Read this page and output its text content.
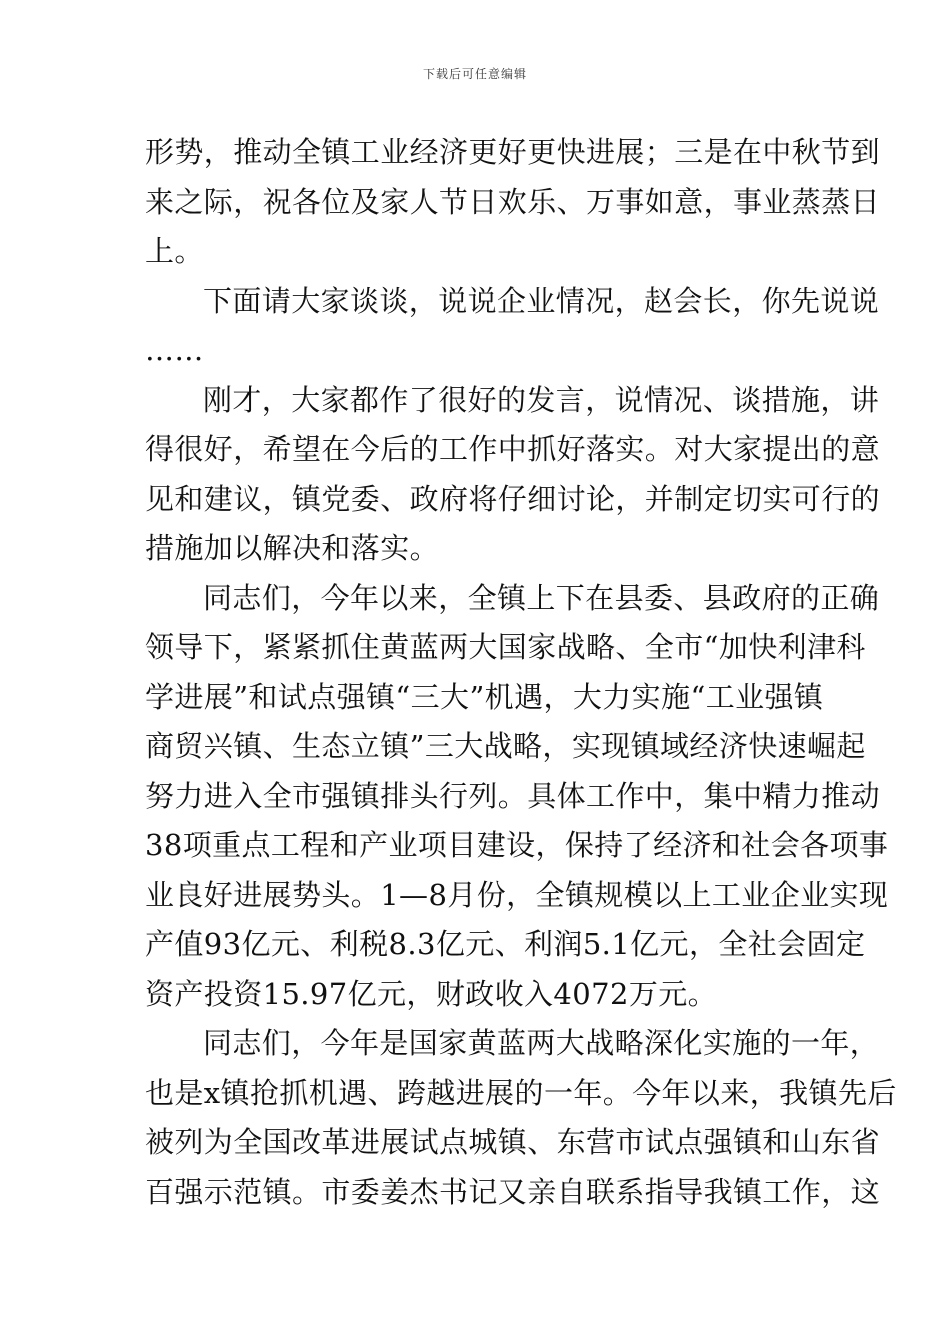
下载后可任意编辑
形势，推动全镇工业经济更好更快进展；三是在中秋节到
来之际，祝各位及家人节日欢乐、万事如意，事业蒸蒸日
上。
下面请大家谈谈，说说企业情况，赵会长，你先说说
……
刚才，大家都作了很好的发言，说情况、谈措施，讲
得很好，希望在今后的工作中抓好落实。对大家提出的意
见和建议，镇党委、政府将仔细讨论，并制定切实可行的
措施加以解决和落实。
同志们，今年以来，全镇上下在县委、县政府的正确
领导下，紧紧抓住黄蓝两大国家战略、全市“加快利津科
学进展”和试点强镇“三大”机遇，大力实施“工业强镇
商贸兴镇、生态立镇”三大战略，实现镇域经济快速崛起
努力进入全市强镇排头行列。具体工作中，集中精力推动
38项重点工程和产业项目建设，保持了经济和社会各项事
业良好进展势头。1—8月份，全镇规模以上工业企业实现
产值93亿元、利税8.3亿元、利润5.1亿元，全社会固定
资产投资15.97亿元，财政收入4072万元。
同志们，今年是国家黄蓝两大战略深化实施的一年，
也是x镇抢抓机遇、跨越进展的一年。今年以来，我镇先后
被列为全国改革进展试点城镇、东营市试点强镇和山东省
百强示范镇。市委姜杰书记又亲自联系指导我镇工作，这
